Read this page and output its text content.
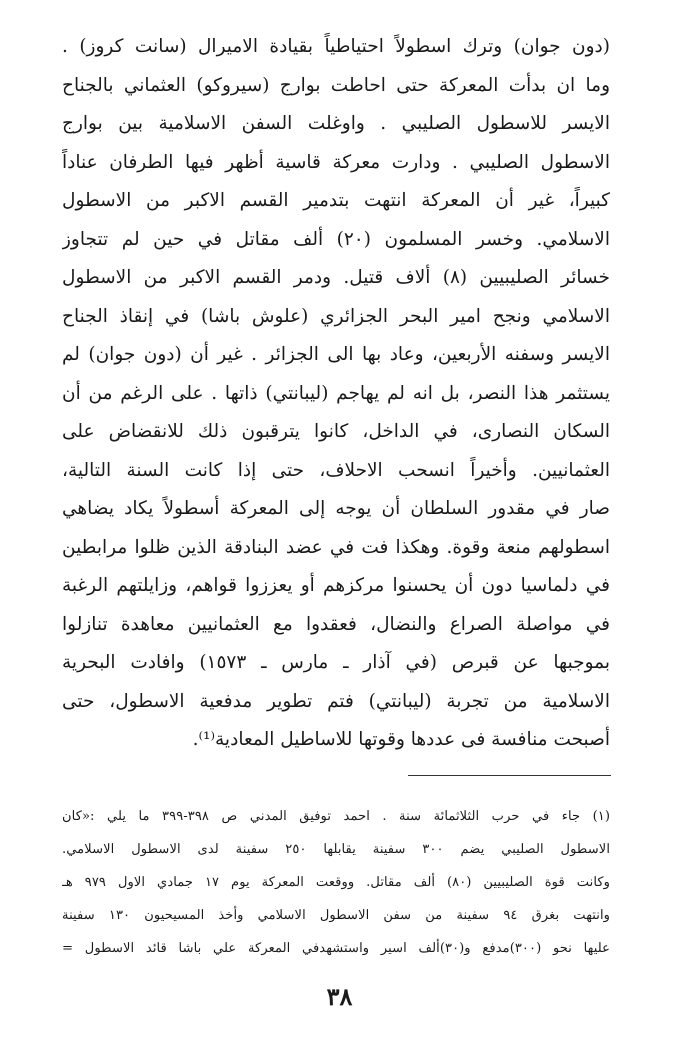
(دون جوان) وترك اسطولاً احتياطياً بقيادة الاميرال (سانت كروز) .
وما ان بدأت المعركة حتى احاطت بوارج (سيروكو) العثماني بالجناح
الايسر للاسطول الصليبي . واوغلت السفن الاسلامية بين بوارج
الاسطول الصليبي . ودارت معركة قاسية أظهر فيها الطرفان عناداً
كبيراً، غير أن المعركة انتهت بتدمير القسم الاكبر من الاسطول
الاسلامي. وخسر المسلمون (٢٠) ألف مقاتل في حين لم تتجاوز
خسائر الصليبيين (٨) ألاف قتيل. ودمر القسم الاكبر من الاسطول
الاسلامي ونجح امير البحر الجزائري (علوش باشا) في إنقاذ الجناح
الايسر وسفنه الأربعين، وعاد بها الى الجزائر . غير أن (دون جوان) لم
يستثمر هذا النصر، بل انه لم يهاجم (ليبانتي) ذاتها . على الرغم من أن
السكان النصارى، في الداخل، كانوا يترقبون ذلك للانقضاض على
العثمانيين. وأخيراً انسحب الاحلاف، حتى إذا كانت السنة التالية،
صار في مقدور السلطان أن يوجه إلى المعركة أسطولاً يكاد يضاهي
اسطولهم منعة وقوة. وهكذا فت في عضد البنادقة الذين ظلوا مرابطين
في دلماسيا دون أن يحسنوا مركزهم أو يعززوا قواهم، وزايلتهم الرغبة
في مواصلة الصراع والنضال، فعقدوا مع العثمانيين معاهدة تنازلوا
بموجبها عن قبرص (في آذار ـ مارس ـ ١٥٧٣) وافادت البحرية
الاسلامية من تجربة (ليبانتي) فتم تطوير مدفعية الاسطول، حتى
أصبحت منافسة فى عددها وقوتها للاساطيل المعادية⁽¹⁾.
(١) جاء في حرب الثلاثمائة سنة . احمد توفيق المدني ص ٣٩٨-٣٩٩ ما يلي :«كان
الاسطول الصليبي يضم ٣٠٠ سفينة يقابلها ٢٥٠ سفينة لدى الاسطول الاسلامي.
وكانت قوة الصليبيين (٨٠) ألف مقاتل. ووقعت المعركة يوم ١٧ جمادي الاول ٩٧٩ هـ
وانتهت بغرق ٩٤ سفينة من سفن الاسطول الاسلامي وأخذ المسيحيون ١٣٠ سفينة
عليها نحو (٣٠٠)مدفع و(٣٠)ألف اسير واستشهدفي المعركة علي باشا قائد الاسطول =
٣٨
